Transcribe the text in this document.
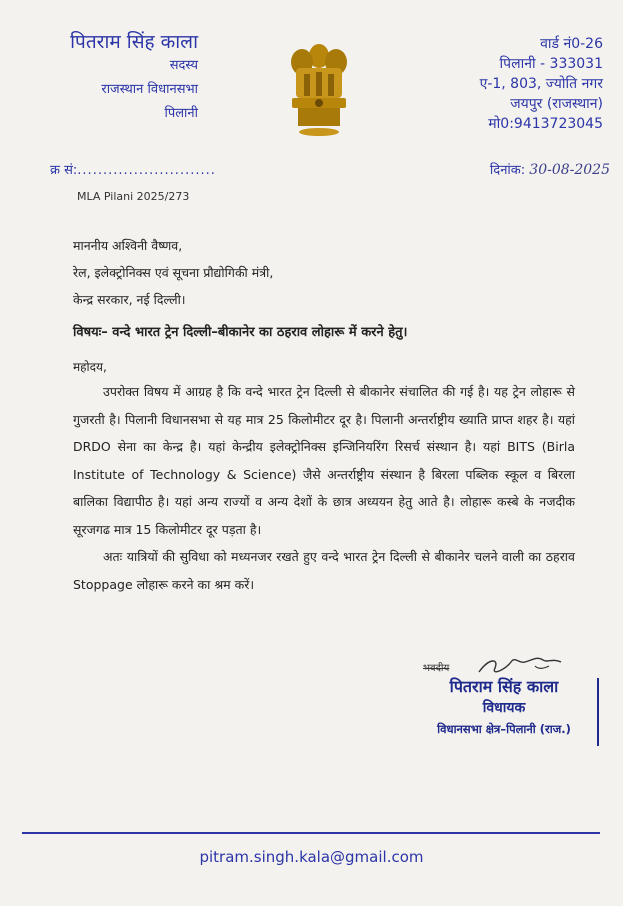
पितराम सिंह काला
सदस्य
राजस्थान विधानसभा
पिलानी
वार्ड नं0-26
पिलानी - 333031
ए-1, 803, ज्योति नगर
जयपुर (राजस्थान)
मो0:9413723045
क्र सं:...........................	दिनांक: 30-08-2025
MLA Pilani 2025/273
माननीय अश्विनी वैष्णव,
रेल, इलेक्ट्रोनिक्स एवं सूचना प्रौद्योगिकी मंत्री,
केन्द्र सरकार, नई दिल्ली।
विषयः– वन्दे भारत ट्रेन दिल्ली–बीकानेर का ठहराव लोहारू में करने हेतु।
महोदय,

उपरोक्त विषय में आग्रह है कि वन्दे भारत ट्रेन दिल्ली से बीकानेर संचालित की गई है। यह ट्रेन लोहारू से गुजरती है। पिलानी विधानसभा से यह मात्र 25 किलोमीटर दूर है। पिलानी अन्तर्राष्ट्रीय ख्याति प्राप्त शहर है। यहां DRDO सेना का केन्द्र है। यहां केन्द्रीय इलेक्ट्रोनिक्स इन्जिनियरिंग रिसर्च संस्थान है। यहां BITS (Birla Institute of Technology & Science) जैसे अन्तर्राष्ट्रीय संस्थान है बिरला पब्लिक स्कूल व बिरला बालिका विद्यापीठ है। यहां अन्य राज्यों व अन्य देशों के छात्र अध्ययन हेतु आते है। लोहारू कस्बे के नजदीक सूरजगढ मात्र 15 किलोमीटर दूर पड़ता है।

अतः यात्रियों की सुविधा को मध्यनजर रखते हुए वन्दे भारत ट्रेन दिल्ली से बीकानेर चलने वाली का ठहराव Stoppage लोहारू करने का श्रम करें।

भवदीय
पितराम सिंह काला
विधायक
विधानसभा क्षेत्र–पिलानी (राज.)
pitram.singh.kala@gmail.com
